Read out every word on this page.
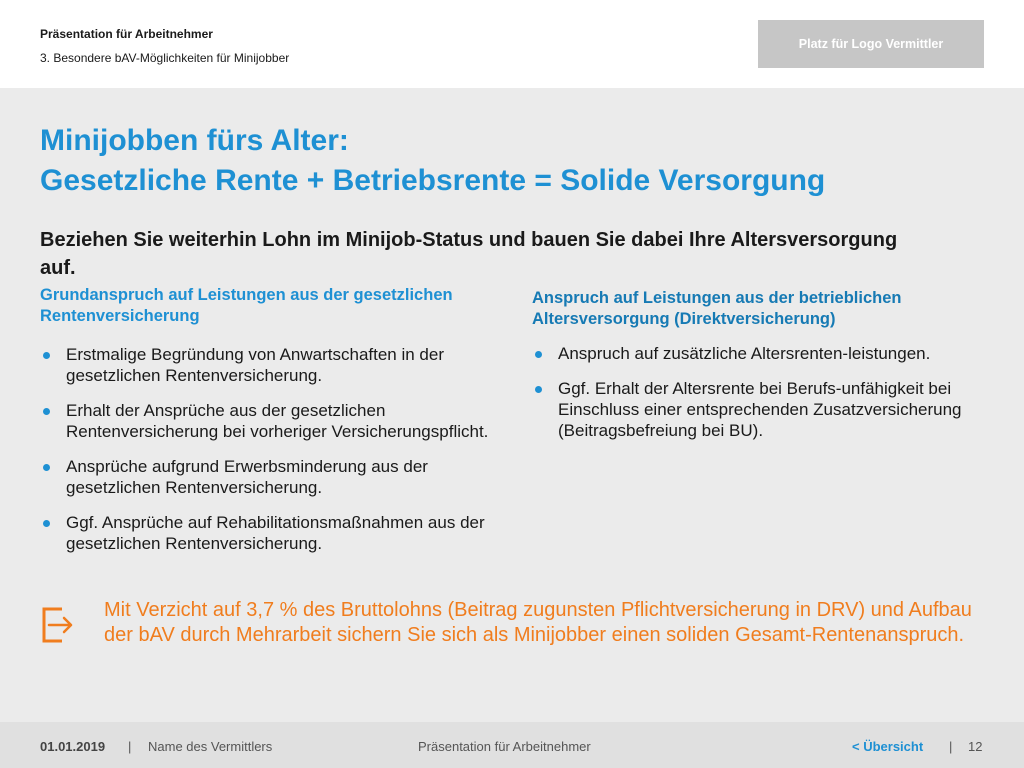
Präsentation für Arbeitnehmer
3. Besondere bAV-Möglichkeiten für Minijobber
Platz für Logo Vermittler
Minijobben fürs Alter:
Gesetzliche Rente + Betriebsrente = Solide Versorgung
Beziehen Sie weiterhin Lohn im Minijob-Status und bauen Sie dabei Ihre Altersversorgung auf.
Grundanspruch auf Leistungen aus der gesetzlichen Rentenversicherung
Erstmalige Begründung von Anwartschaften in der gesetzlichen Rentenversicherung.
Erhalt der Ansprüche aus der gesetzlichen Rentenversicherung bei vorheriger Versicherungspflicht.
Ansprüche aufgrund Erwerbsminderung aus der gesetzlichen Rentenversicherung.
Ggf. Ansprüche auf Rehabilitationsmaßnahmen aus der gesetzlichen Rentenversicherung.
Anspruch auf Leistungen aus der betrieblichen Altersversorgung (Direktversicherung)
Anspruch auf zusätzliche Altersrenten-leistungen.
Ggf. Erhalt der Altersrente bei Berufs-unfähigkeit bei Einschluss einer entsprechenden Zusatzversicherung (Beitragsbefreiung bei BU).
Mit Verzicht auf 3,7 % des Bruttolohns (Beitrag zugunsten Pflichtversicherung in DRV) und Aufbau der bAV durch Mehrarbeit sichern Sie sich als Minijobber einen soliden Gesamt-Rentenanspruch.
01.01.2019 | Name des Vermittlers	Präsentation für Arbeitnehmer	< Übersicht | 12
